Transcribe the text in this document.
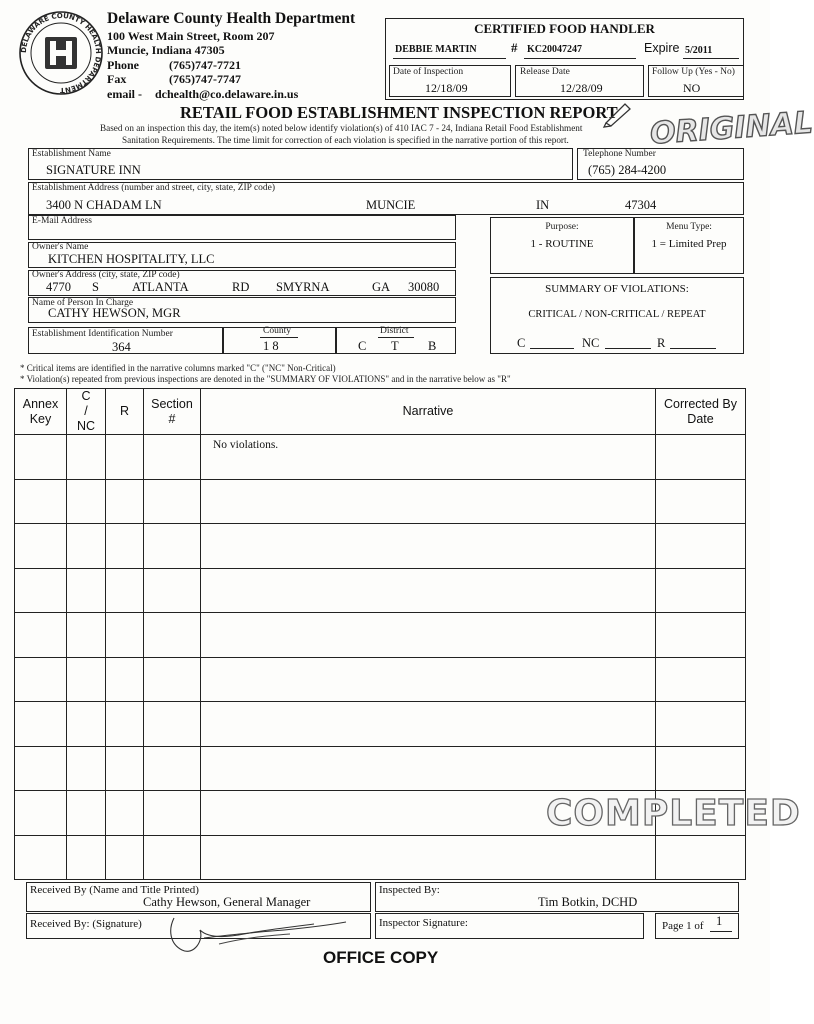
DELAWARE COUNTY HEALTH DEPARTMENT
Delaware County Health Department
100 West Main Street, Room 207
Muncie, Indiana 47305
Phone (765)747-7721
Fax	(765)747-7747
email - dchealth@co.delaware.in.us
CERTIFIED FOOD HANDLER
DEBBIE MARTIN	# KC20047247	Expire 5/2011
Date of Inspection
12/18/09
Release Date
12/28/09
Follow Up (Yes - No)
NO
RETAIL FOOD ESTABLISHMENT INSPECTION REPORT
Based on an inspection this day, the item(s) noted below identify violation(s) of 410 IAC 7 - 24, Indiana Retail Food Establishment
Sanitation Requirements. The time limit for correction of each violation is specified in the narrative portion of this report.	ORIGINAL
Establishment Name
SIGNATURE INN
Telephone Number
(765) 284-4200
Establishment Address (number and street, city, state, ZIP code)
3400 N CHADAM LN	MUNCIE	IN	47304
E-Mail Address
Owner's Name
KITCHEN HOSPITALITY, LLC
Owner's Address (city, state, ZIP code)
4770 S	ATLANTA	RD SMYRNA	GA 30080
Name of Person In Charge
CATHY HEWSON, MGR
Establishment Identification Number
364
County
1 8
District
C T B
Purpose:
1 - ROUTINE
Menu Type:
1 = Limited Prep
SUMMARY OF VIOLATIONS:
CRITICAL / NON-CRITICAL / REPEAT
C	NC	R
* Critical items are identified in the narrative columns marked "C" ("NC" Non-Critical)
* Violation(s) repeated from previous inspections are denoted in the "SUMMARY OF VIOLATIONS" and in the narrative below as "R"
Annex Key	C
/
NC	R	Section #	Narrative	Corrected By Date

				No violations.	

COMPLETED
Received By (Name and Title Printed)
Cathy Hewson, General Manager
Inspected By:
Tim Botkin, DCHD
Received By: (Signature)	Inspector Signature:	Page 1 of 1
OFFICE COPY
